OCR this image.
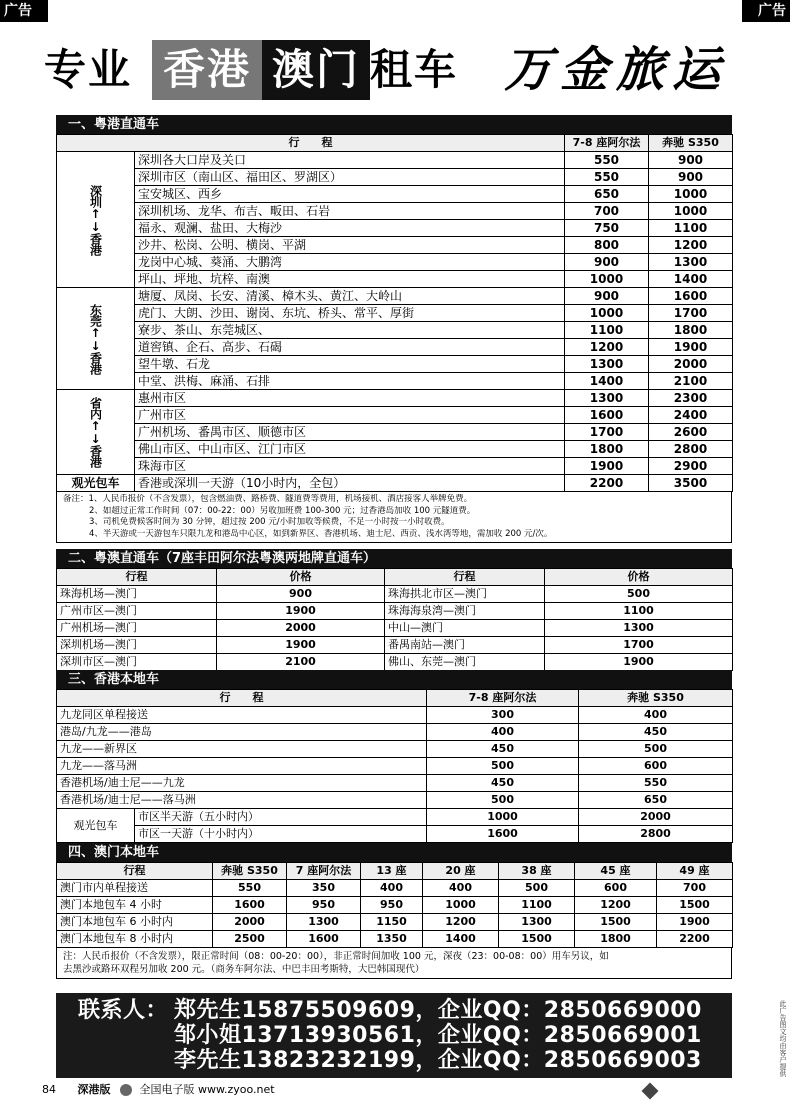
广告	广告
专业 香港 澳门 租车 万金旅运
一、粤港直通车
行　　程		7-8 座阿尔法	奔驰 S350
深圳↑↓香港	深圳各大口岸及关口	550	900
	深圳市区（南山区、福田区、罗湖区）	550	900
	宝安城区、西乡	650	1000
	深圳机场、龙华、布吉、畈田、石岩	700	1000
	福永、观澜、盐田、大梅沙	750	1100
	沙井、松岗、公明、横岗、平湖	800	1200
	龙岗中心城、葵涌、大鹏湾	900	1300
	坪山、坪地、坑梓、南澳	1000	1400
东莞↑↓香港	塘厦、凤岗、长安、清溪、樟木头、黄江、大岭山	900	1600
	虎门、大朗、沙田、谢岗、东坑、桥头、常平、厚街	1000	1700
	寮步、茶山、东莞城区、	1100	1800
	道窖镇、企石、高步、石碣	1200	1900
	望牛墩、石龙	1300	2000
	中堂、洪梅、麻涌、石排	1400	2100
省内↑↓香港	惠州市区	1300	2300
	广州市区	1600	2400
	广州机场、番禺市区、顺德市区	1700	2600
	佛山市区、中山市区、江门市区	1800	2800
	珠海市区	1900	2900
观光包车	香港或深圳一天游（10小时内，全包）	2200	3500

备注：1、人民币报价（不含发票），包含燃油费、路桥费、隧道费等费用，机场接机、酒店接客人举牌免费。

2、如超过正常工作时间（07：00-22：00）另收加班费 100-300 元；过香港岛加收 100 元隧道费。

3、司机免费候客时间为 30 分钟，超过按 200 元/小时加收等候费，不足一小时按一小时收费。

4、半天游或一天游包车只限九龙和港岛中心区，如到新界区、香港机场、迪士尼、西贡、浅水湾等地，需加收 200 元/次。

二、粤澳直通车（7座丰田阿尔法粤澳两地牌直通车）
行程	价格	行程	价格
珠海机场—澳门	900	珠海拱北市区—澳门	500
广州市区—澳门	1900	珠海海泉湾—澳门	1100
广州机场—澳门	2000	中山—澳门	1300
深圳机场—澳门	1900	番禺南站—澳门	1700
深圳市区—澳门	2100	佛山、东莞—澳门	1900
三、香港本地车
行　　程		7-8 座阿尔法	奔驰 S350
九龙同区单程接送		300	400
港岛/九龙——港岛		400	450
九龙——新界区		450	500
九龙——落马洲		500	600
香港机场/迪士尼——九龙		450	550
香港机场/迪士尼——落马洲		500	650
观光包车	市区半天游（五小时内）	1000	2000
	市区一天游（十小时内）	1600	2800
四、澳门本地车
行程	奔驰 S350	7 座阿尔法	13 座	20 座	38 座	45 座	49 座
澳门市内单程接送	550	350	400	400	500	600	700
澳门本地包车 4 小时	1600	950	950	1000	1100	1200	1500
澳门本地包车 6 小时内	2000	1300	1150	1200	1300	1500	1900
澳门本地包车 8 小时内	2500	1600	1350	1400	1500	1800	2200

注：人民币报价（不含发票），限正常时间（08：00-20：00），非正常时间加收 100 元，深夜（23：00-08：00）用车另议，如

去黑沙或路环双程另加收 200 元。（商务车阿尔法、中巴丰田考斯特，大巴韩国现代）

联系人： 郑先生15875509609，企业QQ：2850669000
邹小姐13713930561，企业QQ：2850669001
李先生13823232199，企业QQ：2850669003
84 深港版	全国电子版 www.zyoo.net
此广告图文均由客户提供
